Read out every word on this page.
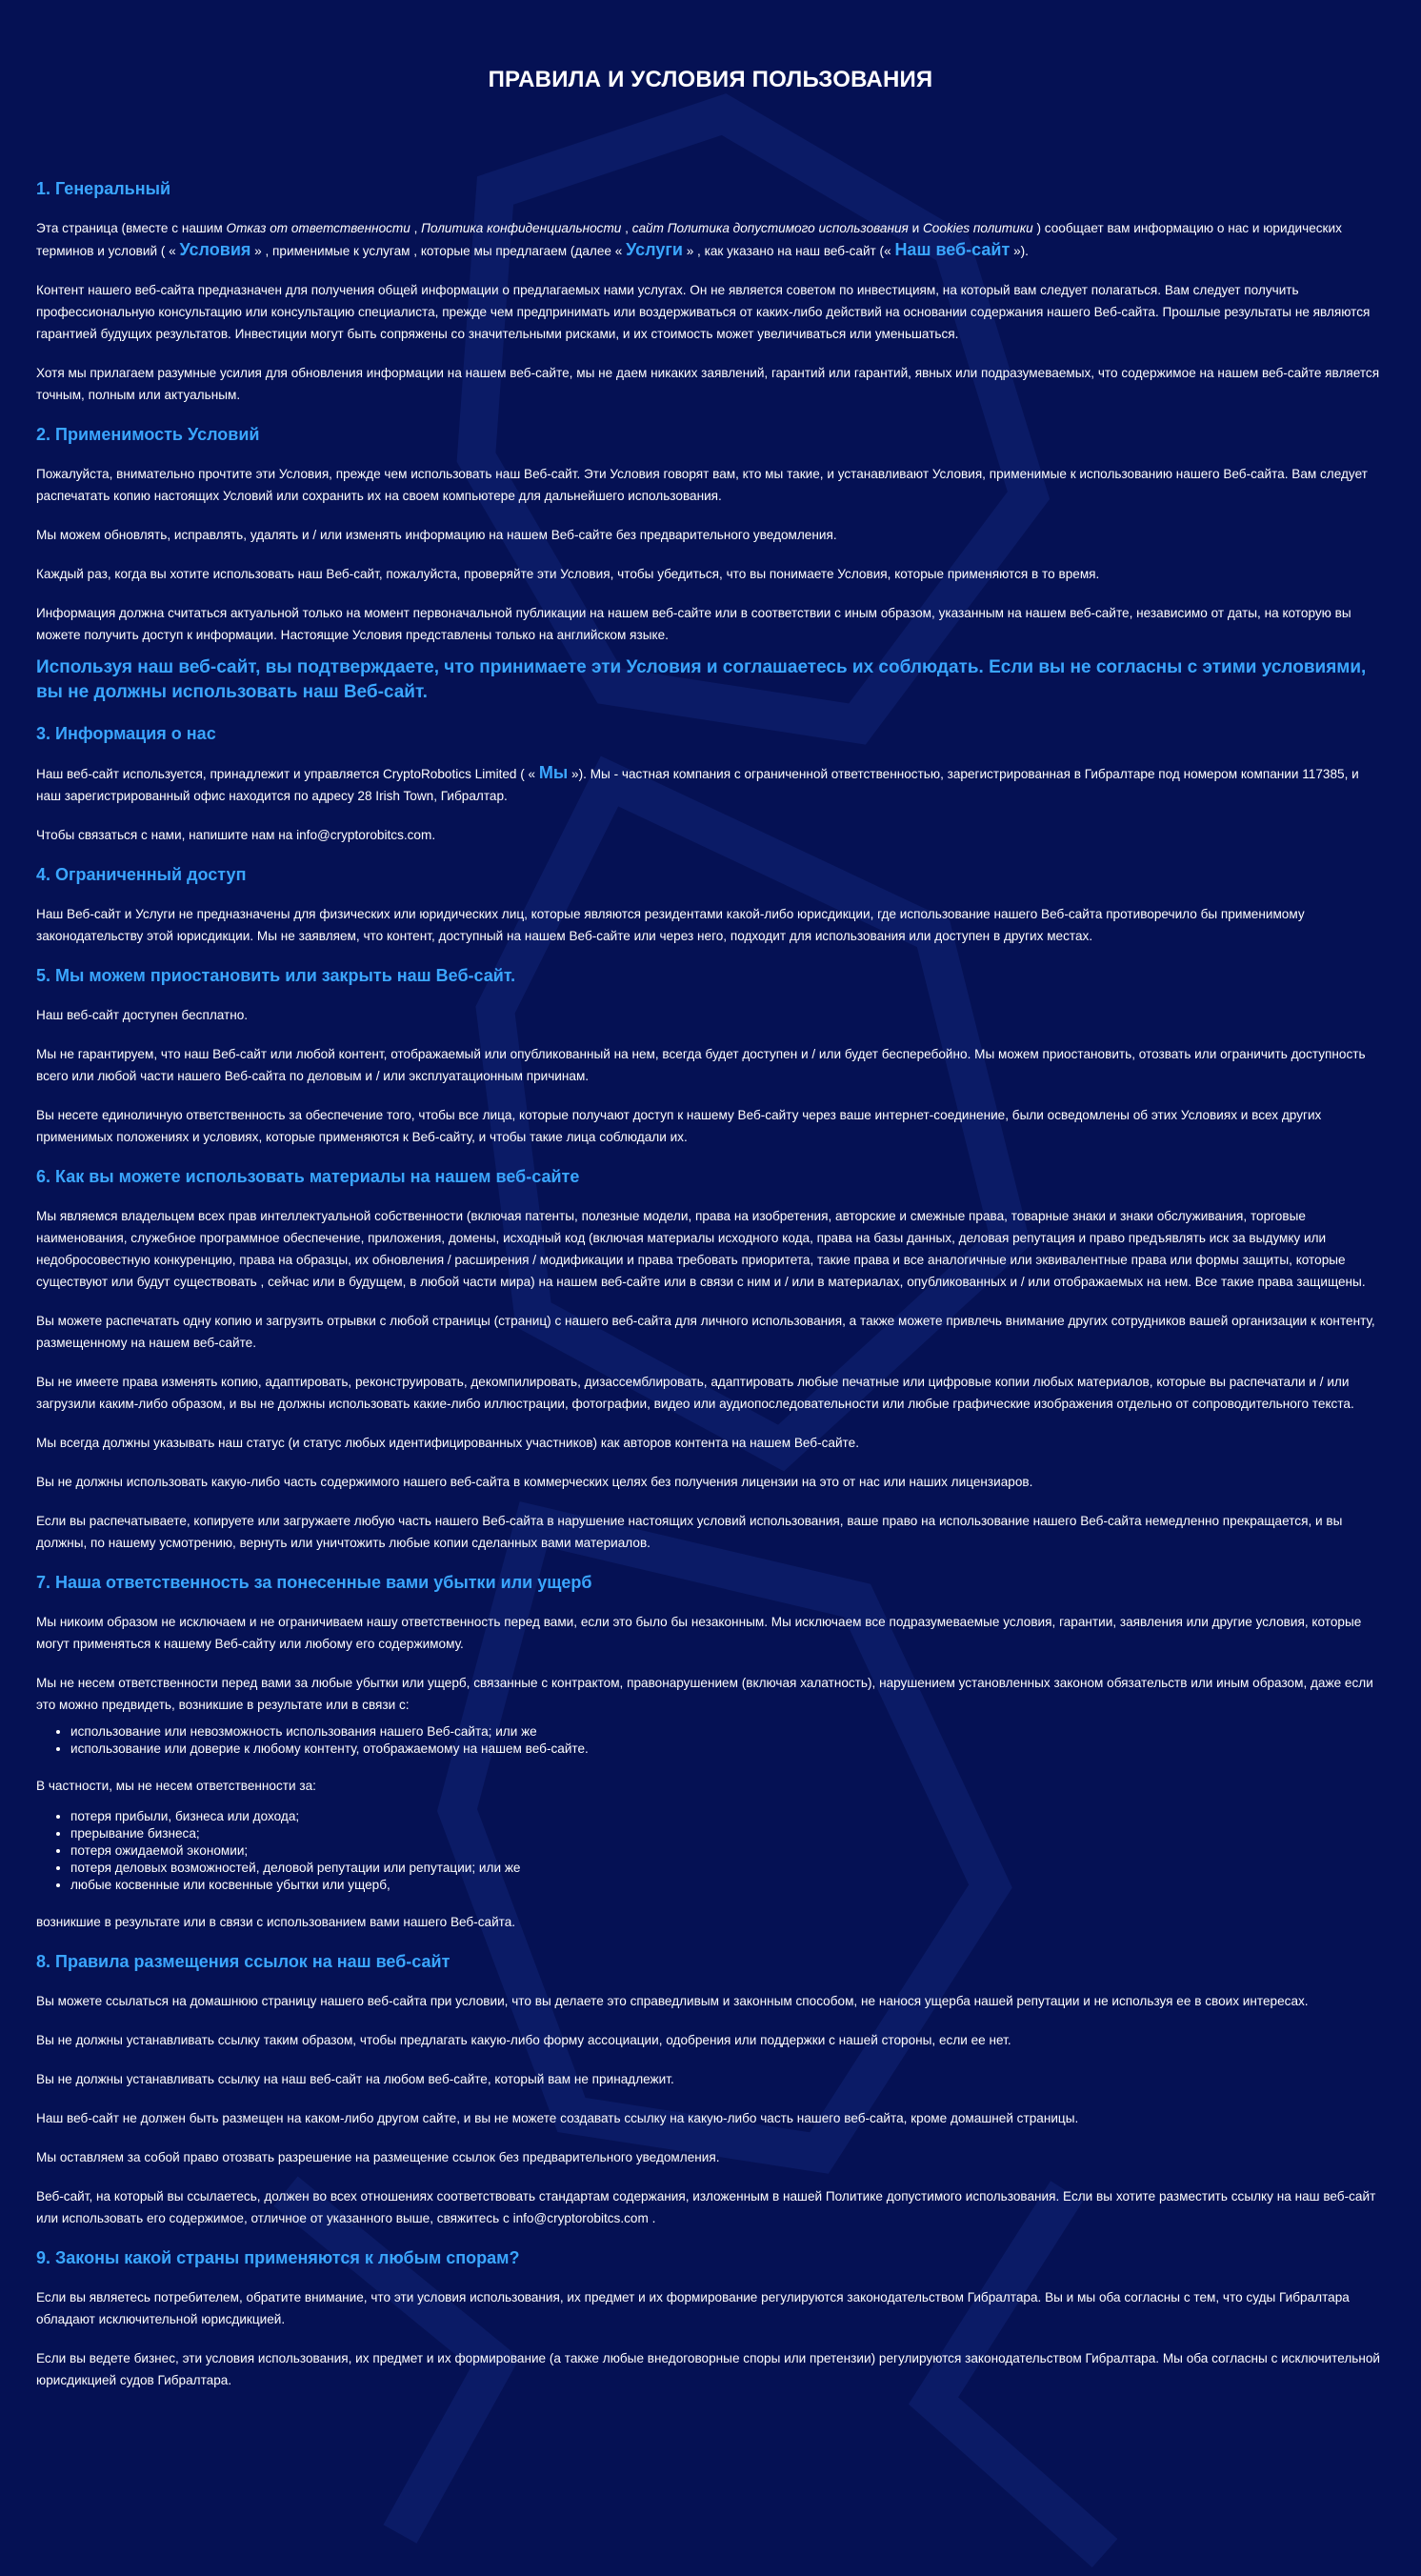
ПРАВИЛА И УСЛОВИЯ ПОЛЬЗОВАНИЯ
1. Генеральный

Эта страница (вместе с нашим Отказ от ответственности , Политика конфиденциальности , сайт Политика допустимого использования и Cookies политики ) сообщает вам информацию о нас и юридических терминов и условий ( « Условия » , применимые к услугам , которые мы предлагаем (далее « Услуги » , как указано на наш веб-сайт (« Наш веб-сайт »).

Контент нашего веб-сайта предназначен для получения общей информации о предлагаемых нами услугах. Он не является советом по инвестициям, на который вам следует полагаться. Вам следует получить профессиональную консультацию или консультацию специалиста, прежде чем предпринимать или воздерживаться от каких-либо действий на основании содержания нашего Веб-сайта. Прошлые результаты не являются гарантией будущих результатов. Инвестиции могут быть сопряжены со значительными рисками, и их стоимость может увеличиваться или уменьшаться.

Хотя мы прилагаем разумные усилия для обновления информации на нашем веб-сайте, мы не даем никаких заявлений, гарантий или гарантий, явных или подразумеваемых, что содержимое на нашем веб-сайте является точным, полным или актуальным.

2. Применимость Условий

Пожалуйста, внимательно прочтите эти Условия, прежде чем использовать наш Веб-сайт. Эти Условия говорят вам, кто мы такие, и устанавливают Условия, применимые к использованию нашего Веб-сайта. Вам следует распечатать копию настоящих Условий или сохранить их на своем компьютере для дальнейшего использования.

Мы можем обновлять, исправлять, удалять и / или изменять информацию на нашем Веб-сайте без предварительного уведомления.

Каждый раз, когда вы хотите использовать наш Веб-сайт, пожалуйста, проверяйте эти Условия, чтобы убедиться, что вы понимаете Условия, которые применяются в то время.

Информация должна считаться актуальной только на момент первоначальной публикации на нашем веб-сайте или в соответствии с иным образом, указанным на нашем веб-сайте, независимо от даты, на которую вы можете получить доступ к информации. Настоящие Условия представлены только на английском языке.

Используя наш веб-сайт, вы подтверждаете, что принимаете эти Условия и соглашаетесь их соблюдать. Если вы не согласны с этими условиями, вы не должны использовать наш Веб-сайт.

3. Информация о нас

Наш веб-сайт используется, принадлежит и управляется CryptoRobotics Limited ( « Мы »). Мы - частная компания с ограниченной ответственностью, зарегистрированная в Гибралтаре под номером компании 117385, и наш зарегистрированный офис находится по адресу 28 Irish Town, Гибралтар.

Чтобы связаться с нами, напишите нам на info@cryptorobitcs.com.

4. Ограниченный доступ

Наш Веб-сайт и Услуги не предназначены для физических или юридических лиц, которые являются резидентами какой-либо юрисдикции, где использование нашего Веб-сайта противоречило бы применимому законодательству этой юрисдикции. Мы не заявляем, что контент, доступный на нашем Веб-сайте или через него, подходит для использования или доступен в других местах.

5. Мы можем приостановить или закрыть наш Веб-сайт.

Наш веб-сайт доступен бесплатно.

Мы не гарантируем, что наш Веб-сайт или любой контент, отображаемый или опубликованный на нем, всегда будет доступен и / или будет бесперебойно. Мы можем приостановить, отозвать или ограничить доступность всего или любой части нашего Веб-сайта по деловым и / или эксплуатационным причинам.

Вы несете единоличную ответственность за обеспечение того, чтобы все лица, которые получают доступ к нашему Веб-сайту через ваше интернет-соединение, были осведомлены об этих Условиях и всех других применимых положениях и условиях, которые применяются к Веб-сайту, и чтобы такие лица соблюдали их.

6. Как вы можете использовать материалы на нашем веб-сайте

Мы являемся владельцем всех прав интеллектуальной собственности (включая патенты, полезные модели, права на изобретения, авторские и смежные права, товарные знаки и знаки обслуживания, торговые наименования, служебное программное обеспечение, приложения, домены, исходный код (включая материалы исходного кода, права на базы данных, деловая репутация и право предъявлять иск за выдумку или недобросовестную конкуренцию, права на образцы, их обновления / расширения / модификации и права требовать приоритета, такие права и все аналогичные или эквивалентные права или формы защиты, которые существуют или будут существовать , сейчас или в будущем, в любой части мира) на нашем веб-сайте или в связи с ним и / или в материалах, опубликованных и / или отображаемых на нем. Все такие права защищены.

Вы можете распечатать одну копию и загрузить отрывки с любой страницы (страниц) с нашего веб-сайта для личного использования, а также можете привлечь внимание других сотрудников вашей организации к контенту, размещенному на нашем веб-сайте.

Вы не имеете права изменять копию, адаптировать, реконструировать, декомпилировать, дизассемблировать, адаптировать любые печатные или цифровые копии любых материалов, которые вы распечатали и / или загрузили каким-либо образом, и вы не должны использовать какие-либо иллюстрации, фотографии, видео или аудиопоследовательности или любые графические изображения отдельно от сопроводительного текста.

Мы всегда должны указывать наш статус (и статус любых идентифицированных участников) как авторов контента на нашем Веб-сайте.

Вы не должны использовать какую-либо часть содержимого нашего веб-сайта в коммерческих целях без получения лицензии на это от нас или наших лицензиаров.

Если вы распечатываете, копируете или загружаете любую часть нашего Веб-сайта в нарушение настоящих условий использования, ваше право на использование нашего Веб-сайта немедленно прекращается, и вы должны, по нашему усмотрению, вернуть или уничтожить любые копии сделанных вами материалов.

7. Наша ответственность за понесенные вами убытки или ущерб

Мы никоим образом не исключаем и не ограничиваем нашу ответственность перед вами, если это было бы незаконным. Мы исключаем все подразумеваемые условия, гарантии, заявления или другие условия, которые могут применяться к нашему Веб-сайту или любому его содержимому.

Мы не несем ответственности перед вами за любые убытки или ущерб, связанные с контрактом, правонарушением (включая халатность), нарушением установленных законом обязательств или иным образом, даже если это можно предвидеть, возникшие в результате или в связи с:

• использование или невозможность использования нашего Веб-сайта; или же
• использование или доверие к любому контенту, отображаемому на нашем веб-сайте.

В частности, мы не несем ответственности за:

• потеря прибыли, бизнеса или дохода;
• прерывание бизнеса;
• потеря ожидаемой экономии;
• потеря деловых возможностей, деловой репутации или репутации; или же
• любые косвенные или косвенные убытки или ущерб,

возникшие в результате или в связи с использованием вами нашего Веб-сайта.

8. Правила размещения ссылок на наш веб-сайт

Вы можете ссылаться на домашнюю страницу нашего веб-сайта при условии, что вы делаете это справедливым и законным способом, не нанося ущерба нашей репутации и не используя ее в своих интересах.

Вы не должны устанавливать ссылку таким образом, чтобы предлагать какую-либо форму ассоциации, одобрения или поддержки с нашей стороны, если ее нет.

Вы не должны устанавливать ссылку на наш веб-сайт на любом веб-сайте, который вам не принадлежит.

Наш веб-сайт не должен быть размещен на каком-либо другом сайте, и вы не можете создавать ссылку на какую-либо часть нашего веб-сайта, кроме домашней страницы.

Мы оставляем за собой право отозвать разрешение на размещение ссылок без предварительного уведомления.

Веб-сайт, на который вы ссылаетесь, должен во всех отношениях соответствовать стандартам содержания, изложенным в нашей Политике допустимого использования. Если вы хотите разместить ссылку на наш веб-сайт или использовать его содержимое, отличное от указанного выше, свяжитесь с info@cryptorobitcs.com .

9. Законы какой страны применяются к любым спорам?

Если вы являетесь потребителем, обратите внимание, что эти условия использования, их предмет и их формирование регулируются законодательством Гибралтара. Вы и мы оба согласны с тем, что суды Гибралтара обладают исключительной юрисдикцией.

Если вы ведете бизнес, эти условия использования, их предмет и их формирование (а также любые внедоговорные споры или претензии) регулируются законодательством Гибралтара. Мы оба согласны с исключительной юрисдикцией судов Гибралтара.
